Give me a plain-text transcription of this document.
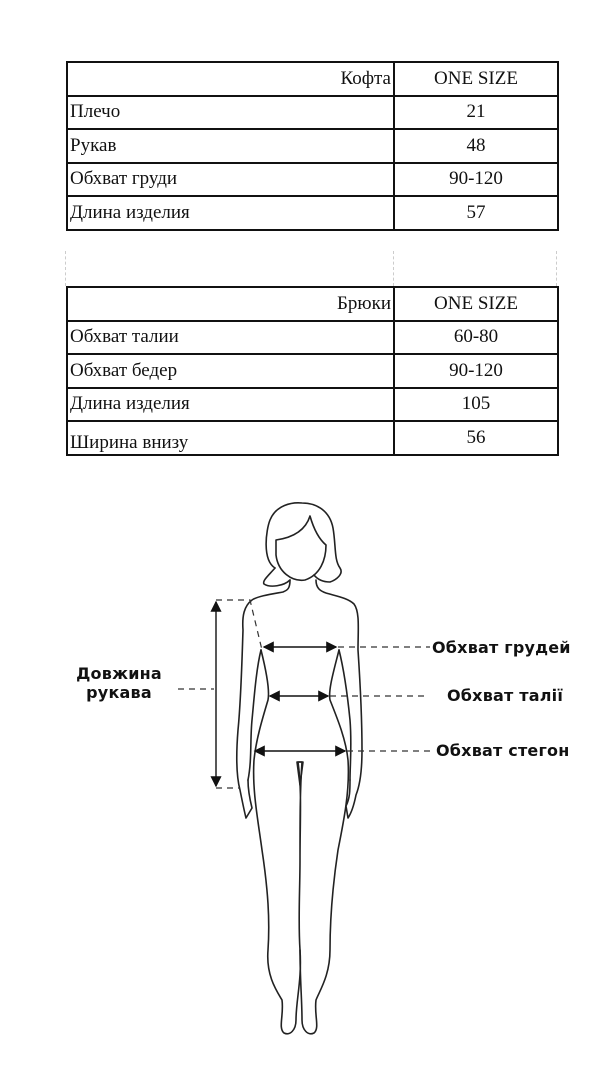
Кофта	ONE SIZE
Плечо	21
Рукав	48
Обхват груди	90-120
Длина изделия	57
Брюки	ONE SIZE
Обхват талии	60-80
Обхват бедер	90-120
Длина изделия	105
Ширина внизу	56
Довжина
рукава
Обхват грудей
Обхват талії
Обхват стегон
